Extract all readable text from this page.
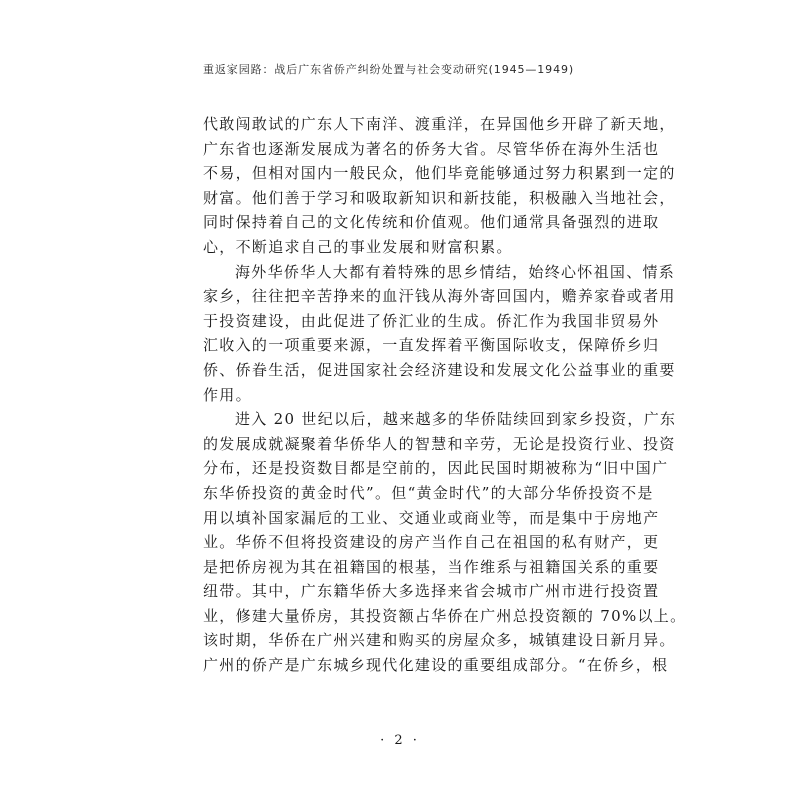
重返家园路：战后广东省侨产纠纷处置与社会变动研究(1945—1949)
代敢闯敢试的广东人下南洋、渡重洋，在异国他乡开辟了新天地，
广东省也逐渐发展成为著名的侨务大省。尽管华侨在海外生活也
不易，但相对国内一般民众，他们毕竟能够通过努力积累到一定的
财富。他们善于学习和吸取新知识和新技能，积极融入当地社会，
同时保持着自己的文化传统和价值观。他们通常具备强烈的进取
心，不断追求自己的事业发展和财富积累。
海外华侨华人大都有着特殊的思乡情结，始终心怀祖国、情系
家乡，往往把辛苦挣来的血汗钱从海外寄回国内，赡养家眷或者用
于投资建设，由此促进了侨汇业的生成。侨汇作为我国非贸易外
汇收入的一项重要来源，一直发挥着平衡国际收支，保障侨乡归
侨、侨眷生活，促进国家社会经济建设和发展文化公益事业的重要
作用。
进入 20 世纪以后，越来越多的华侨陆续回到家乡投资，广东
的发展成就凝聚着华侨华人的智慧和辛劳，无论是投资行业、投资
分布，还是投资数目都是空前的，因此民国时期被称为“旧中国广
东华侨投资的黄金时代”。但“黄金时代”的大部分华侨投资不是
用以填补国家漏卮的工业、交通业或商业等，而是集中于房地产
业。华侨不但将投资建设的房产当作自己在祖国的私有财产，更
是把侨房视为其在祖籍国的根基，当作维系与祖籍国关系的重要
纽带。其中，广东籍华侨大多选择来省会城市广州市进行投资置
业，修建大量侨房，其投资额占华侨在广州总投资额的 70%以上。
该时期，华侨在广州兴建和购买的房屋众多，城镇建设日新月异。
广州的侨产是广东城乡现代化建设的重要组成部分。“在侨乡，根
· 2 ·
